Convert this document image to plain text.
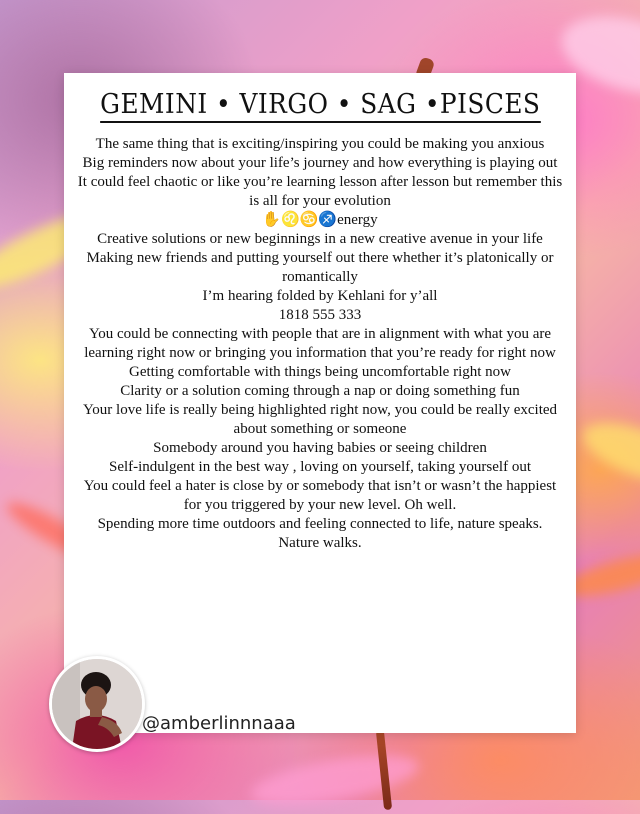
GEMINI • VIRGO • SAG •PISCES

The same thing that is exciting/inspiring you could be making you anxious

Big reminders now about your life’s journey and how everything is playing out

It could feel chaotic or like you’re learning lesson after lesson but remember this is all for your evolution

✋♌♋♐energy

Creative solutions or new beginnings in a new creative avenue in your life

Making new friends and putting yourself out there whether it’s platonically or romantically

I’m hearing folded by Kehlani for y’all

1818 555 333

You could be connecting with people that are in alignment with what you are learning right now or bringing you information that you’re ready for right now

Getting comfortable with things being uncomfortable right now

Clarity or a solution coming through a nap or doing something fun

Your love life is really being highlighted right now, you could be really excited about something or someone

Somebody around you having babies or seeing children

Self-indulgent in the best way , loving on yourself, taking yourself out

You could feel a hater is close by or somebody that isn’t or wasn’t the happiest for you triggered by your new level. Oh well.

Spending more time outdoors and feeling connected to life, nature speaks. Nature walks.

@amberlinnnaaa
